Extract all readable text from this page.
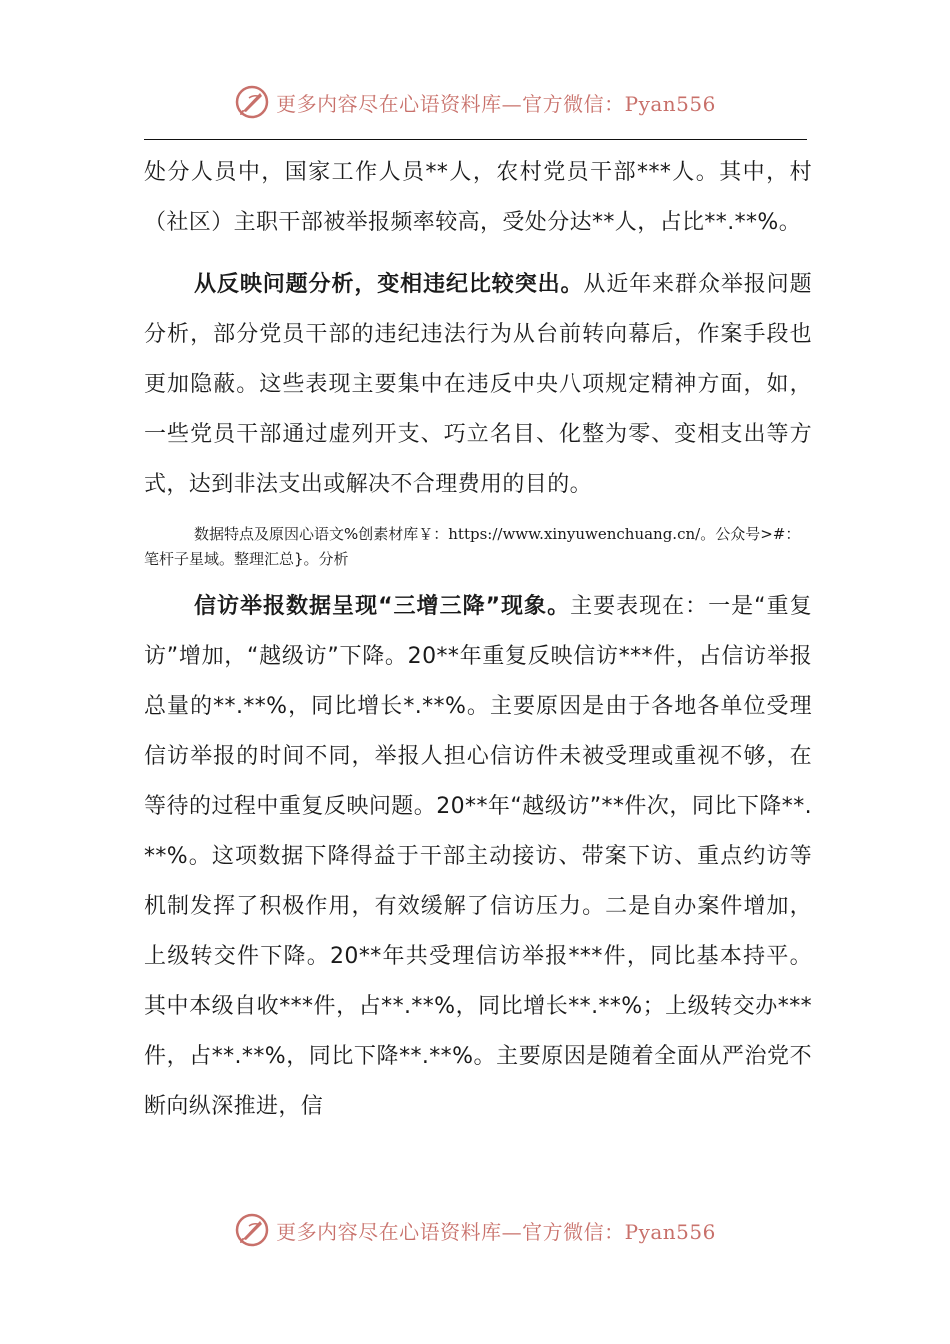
更多内容尽在心语资料库—官方微信：Pyan556

处分人员中，国家工作人员**人，农村党员干部***人。其中，村（社区）主职干部被举报频率较高，受处分达**人，占比**.**%。

从反映问题分析，变相违纪比较突出。从近年来群众举报问题分析，部分党员干部的违纪违法行为从台前转向幕后，作案手段也更加隐蔽。这些表现主要集中在违反中央八项规定精神方面，如，一些党员干部通过虚列开支、巧立名目、化整为零、变相支出等方式，达到非法支出或解决不合理费用的目的。

数据特点及原因心语文%创素材库￥：https://www.xinyuwenchuang.cn/。公众号>#：笔杆子星域。整理汇总}。分析

信访举报数据呈现“三增三降”现象。主要表现在：一是“重复访”增加，“越级访”下降。20**年重复反映信访***件，占信访举报总量的**.**%，同比增长*.**%。主要原因是由于各地各单位受理信访举报的时间不同，举报人担心信访件未被受理或重视不够，在等待的过程中重复反映问题。20**年“越级访”**件次，同比下降**.**%。这项数据下降得益于干部主动接访、带案下访、重点约访等机制发挥了积极作用，有效缓解了信访压力。二是自办案件增加，上级转交件下降。20**年共受理信访举报***件，同比基本持平。其中本级自收***件，占**.**%，同比增长**.**%；上级转交办***件，占**.**%，同比下降**.**%。主要原因是随着全面从严治党不断向纵深推进，信

更多内容尽在心语资料库—官方微信：Pyan556
